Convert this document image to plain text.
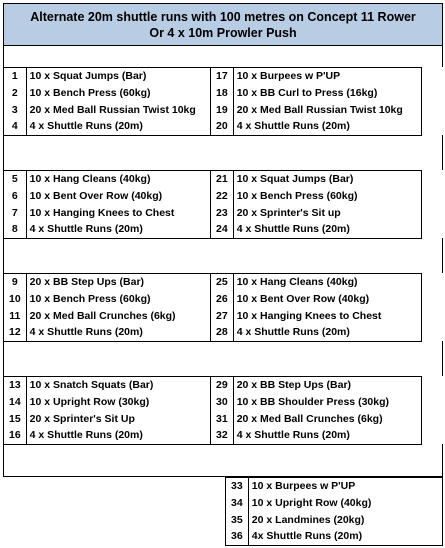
Alternate 20m shuttle runs with 100 metres on Concept 11 Rower
Or 4 x 10m Prowler Push
1	10 x Squat Jumps (Bar)	17 10 x Burpees w P'UP
2	10 x Bench Press (60kg)	18 10 x BB Curl to Press (16kg)
3	20 x Med Ball Russian Twist 10kg	19 20 x Med Ball Russian Twist 10kg
4	4 x Shuttle Runs (20m)	20 4 x Shuttle Runs (20m)
5	10 x Hang Cleans (40kg)	21 10 x Squat Jumps (Bar)
6	10 x Bent Over Row (40kg)	22 10 x Bench Press (60kg)
7	10 x Hanging Knees to Chest	23 20 x Sprinter's Sit up
8	4 x Shuttle Runs (20m)	24 4 x Shuttle Runs (20m)
9	20 x BB Step Ups (Bar)	25 10 x Hang Cleans (40kg)
10 10 x Bench Press (60kg)	26 10 x Bent Over Row (40kg)
11 20 x Med Ball Crunches (6kg)	27 10 x Hanging Knees to Chest
12 4 x Shuttle Runs (20m)	28 4 x Shuttle Runs (20m)
13 10 x Snatch Squats (Bar)	29 20 x BB Step Ups (Bar)
14 10 x Upright Row (30kg)	30 10 x BB Shoulder Press (30kg)
15 20 x Sprinter's Sit Up	31 20 x Med Ball Crunches (6kg)
16 4 x Shuttle Runs (20m)	32 4 x Shuttle Runs (20m)
33 10 x Burpees w P'UP
34 10 x Upright Row (40kg)
35 20 x Landmines (20kg)
36 4x Shuttle Runs (20m)
